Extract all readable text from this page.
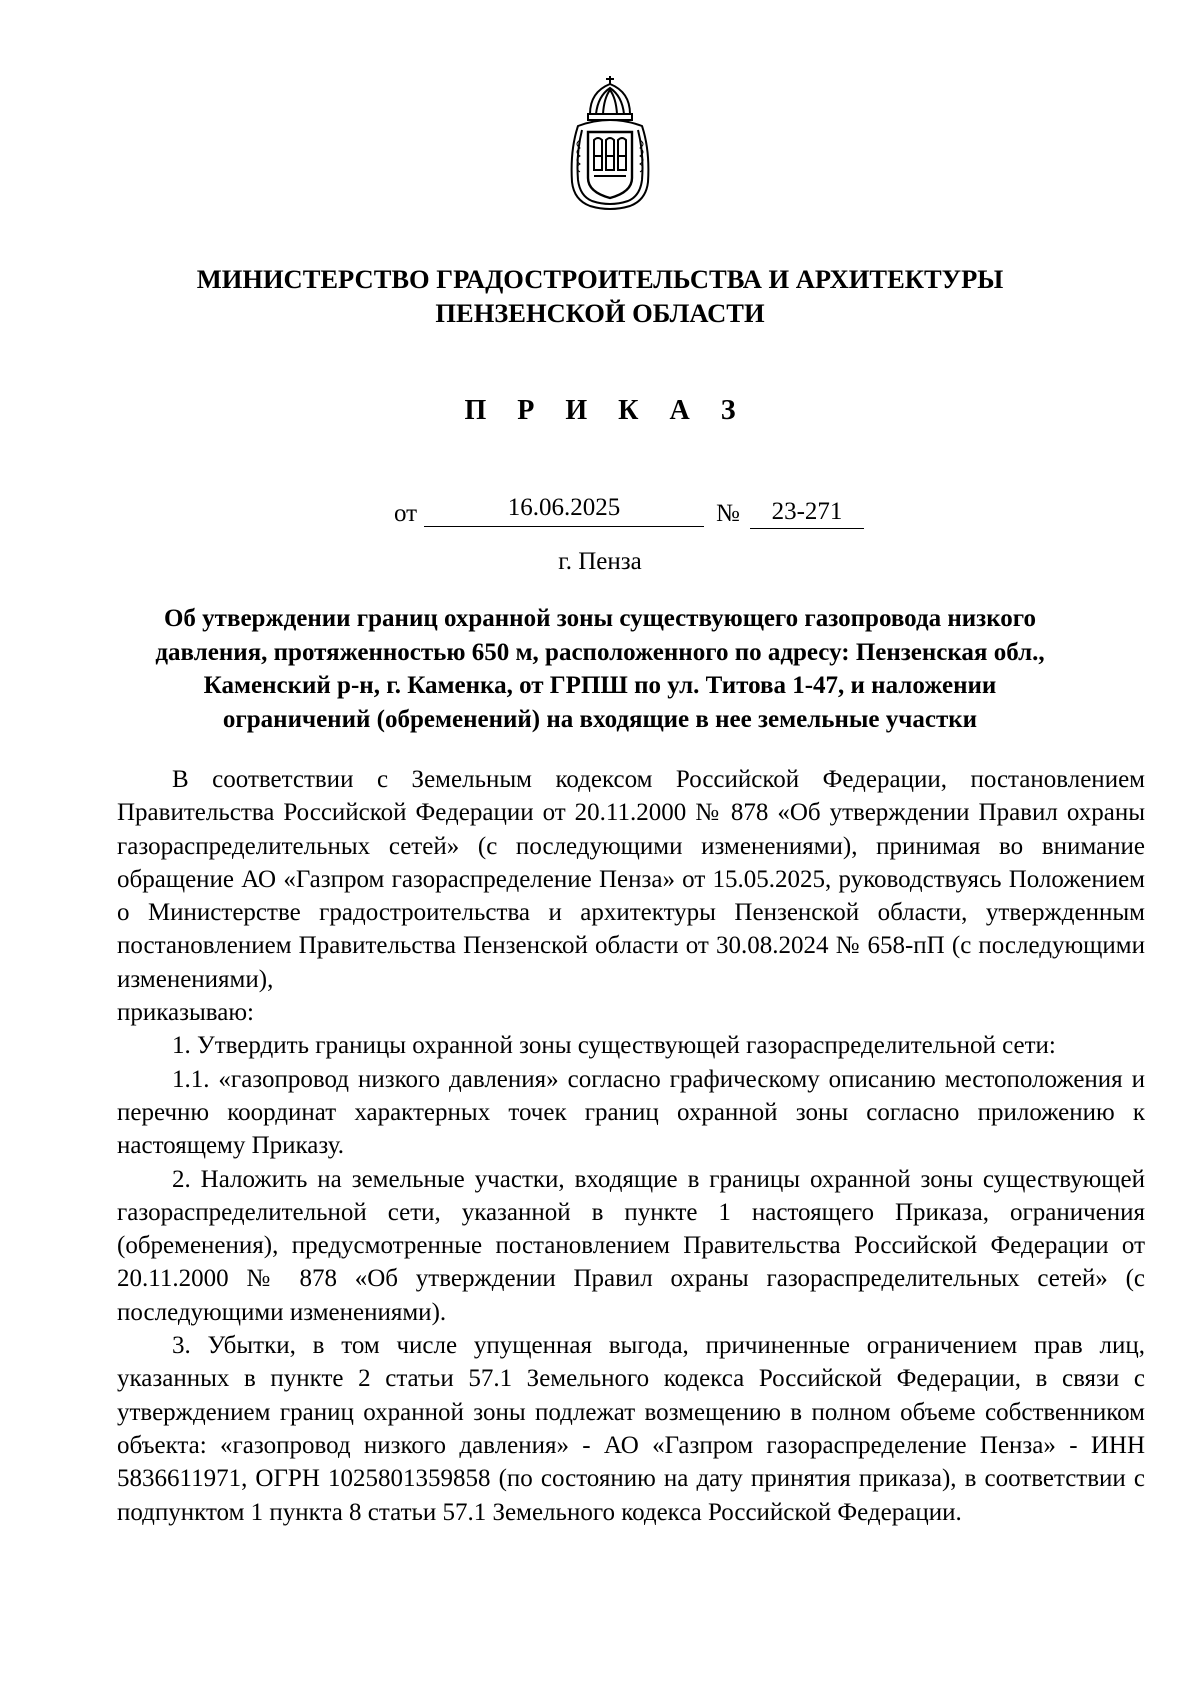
МИНИСТЕРСТВО ГРАДОСТРОИТЕЛЬСТВА И АРХИТЕКТУРЫ
ПЕНЗЕНСКОЙ ОБЛАСТИ
П Р И К А З
от	16.06.2025	№	23-271
г. Пенза
Об утверждении границ охранной зоны существующего газопровода низкого
давления, протяженностью 650 м, расположенного по адресу: Пензенская обл.,
Каменский р-н, г. Каменка, от ГРПШ по ул. Титова 1-47, и наложении
ограничений (обременений) на входящие в нее земельные участки
В соответствии с Земельным кодексом Российской Федерации, постановлением Правительства Российской Федерации от 20.11.2000 № 878 «Об утверждении Правил охраны газораспределительных сетей» (с последующими изменениями), принимая во внимание обращение АО «Газпром газораспределение Пенза» от 15.05.2025, руководствуясь Положением о Министерстве градостроительства и архитектуры Пензенской области, утвержденным постановлением Правительства Пензенской области от 30.08.2024 № 658-пП (с последующими изменениями),
приказываю:
1. Утвердить границы охранной зоны существующей газораспределительной сети:
1.1. «газопровод низкого давления» согласно графическому описанию местоположения и перечню координат характерных точек границ охранной зоны согласно приложению к настоящему Приказу.
2. Наложить на земельные участки, входящие в границы охранной зоны существующей газораспределительной сети, указанной в пункте 1 настоящего Приказа, ограничения (обременения), предусмотренные постановлением Правительства Российской Федерации от 20.11.2000 № 878 «Об утверждении Правил охраны газораспределительных сетей» (с последующими изменениями).
3. Убытки, в том числе упущенная выгода, причиненные ограничением прав лиц, указанных в пункте 2 статьи 57.1 Земельного кодекса Российской Федерации, в связи с утверждением границ охранной зоны подлежат возмещению в полном объеме собственником объекта: «газопровод низкого давления» - АО «Газпром газораспределение Пенза» - ИНН 5836611971, ОГРН 1025801359858 (по состоянию на дату принятия приказа), в соответствии с подпунктом 1 пункта 8 статьи 57.1 Земельного кодекса Российской Федерации.
